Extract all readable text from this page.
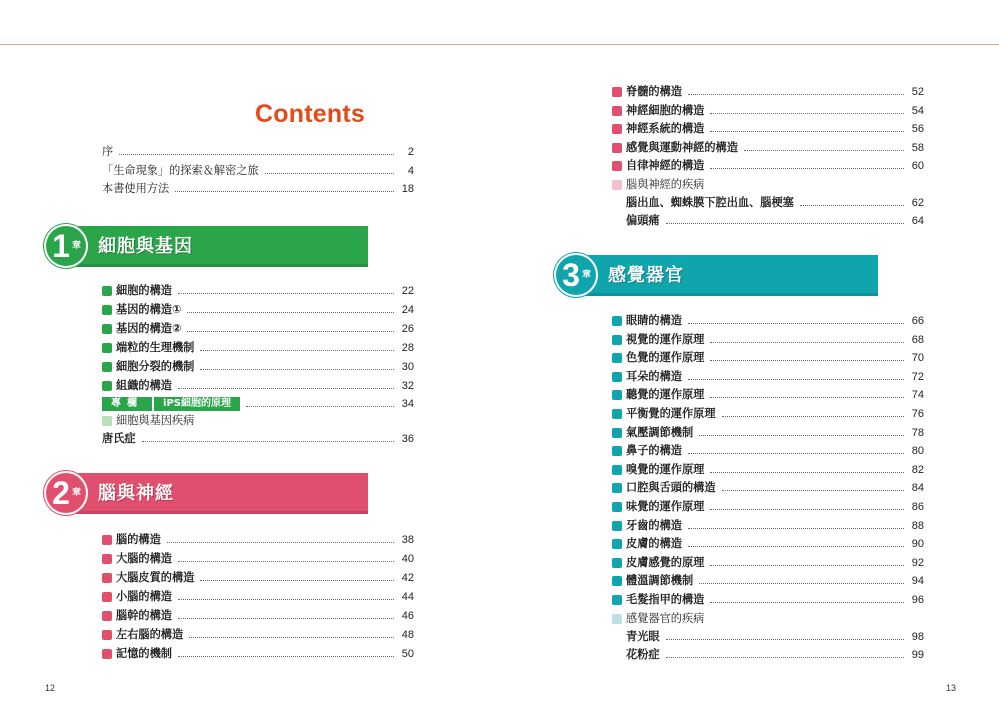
Contents
序	2
「生命現象」的探索＆解密之旅	4
本書使用方法	18
1 章 細胞與基因
細胞的構造	22
基因的構造①	24
基因的構造②	26
端粒的生理機制	28
細胞分裂的機制	30
組織的構造	32
專欄	iPS細胞的原理	34
細胞與基因疾病
唐氏症	36
2 章 腦與神經
腦的構造	38
大腦的構造	40
大腦皮質的構造	42
小腦的構造	44
腦幹的構造	46
左右腦的構造	48
記憶的機制	50
脊髓的構造	52
神經細胞的構造	54
神經系統的構造	56
感覺與運動神經的構造	58
自律神經的構造	60
腦與神經的疾病
腦出血、蜘蛛膜下腔出血、腦梗塞	62
偏頭痛	64
3 章 感覺器官
眼睛的構造	66
視覺的運作原理	68
色覺的運作原理	70
耳朵的構造	72
聽覺的運作原理	74
平衡覺的運作原理	76
氣壓調節機制	78
鼻子的構造	80
嗅覺的運作原理	82
口腔與舌頭的構造	84
味覺的運作原理	86
牙齒的構造	88
皮膚的構造	90
皮膚感覺的原理	92
體溫調節機制	94
毛髮指甲的構造	96
感覺器官的疾病
青光眼	98
花粉症	99
12	13
